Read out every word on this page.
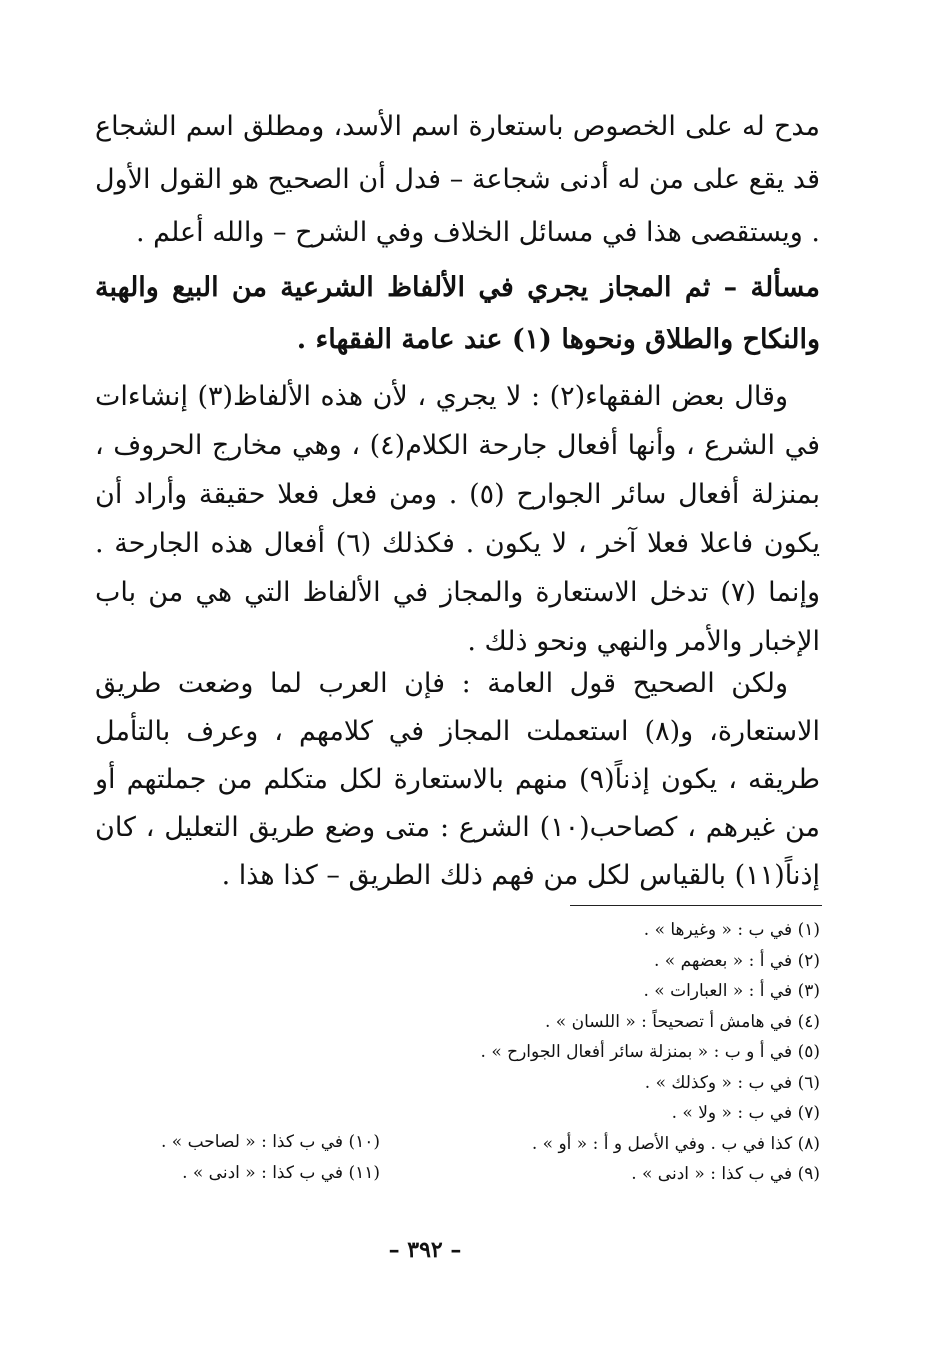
مدح له على الخصوص باستعارة اسم الأسد، ومطلق اسم الشجاع قد يقع على من له أدنى شجاعة – فدل أن الصحيح هو القول الأول . ويستقصى هذا في مسائل الخلاف وفي الشرح – والله أعلم .
مسألة – ثم المجاز يجري في الألفاظ الشرعية من البيع والهبة والنكاح والطلاق ونحوها (١) عند عامة الفقهاء .
وقال بعض الفقهاء(٢) : لا يجري ، لأن هذه الألفاظ(٣) إنشاءات في الشرع ، وأنها أفعال جارحة الكلام(٤) ، وهي مخارج الحروف ، بمنزلة أفعال سائر الجوارح (٥) . ومن فعل فعلا حقيقة وأراد أن يكون فاعلا فعلا آخر ، لا يكون . فكذلك (٦) أفعال هذه الجارحة . وإنما (٧) تدخل الاستعارة والمجاز في الألفاظ التي هي من باب الإخبار والأمر والنهي ونحو ذلك .
ولكن الصحيح قول العامة : فإن العرب لما وضعت طريق الاستعارة، و(٨) استعملت المجاز في كلامهم ، وعرف بالتأمل طريقه ، يكون إذناً(٩) منهم بالاستعارة لكل متكلم من جملتهم أو من غيرهم ، كصاحب(١٠) الشرع : متى وضع طريق التعليل ، كان إذناً(١١) بالقياس لكل من فهم ذلك الطريق – كذا هذا .
(١) في ب : « وغيرها » .
(٢) في أ : « بعضهم » .
(٣) في أ : « العبارات » .
(٤) في هامش أ تصحيحاً : « اللسان » .
(٥) في أ و ب : « بمنزلة سائر أفعال الجوارح » .
(٦) في ب : « وكذلك » .
(٧) في ب : « ولا » .
(٨) كذا في ب . وفي الأصل و أ : « أو » .
(٩) في ب كذا : « ادنى » .
(١٠) في ب كذا : « لصاحب » .
(١١) في ب كذا : « ادنى » .
– ٣٩٢ –
